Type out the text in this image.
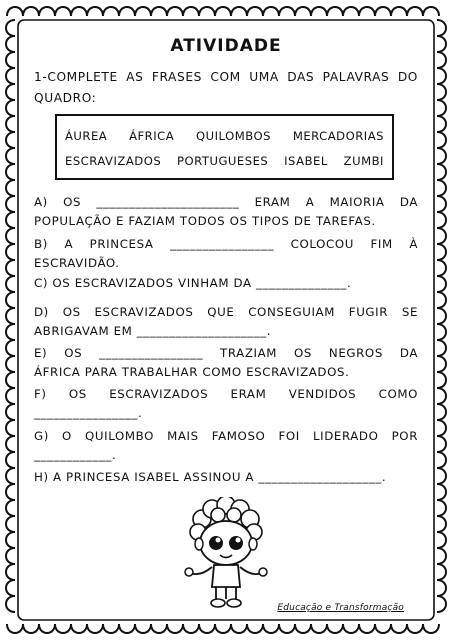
ATIVIDADE
1-COMPLETE AS FRASES COM UMA DAS PALAVRAS DO QUADRO:
ÁUREA ÁFRICA QUILOMBOS MERCADORIAS
ESCRAVIZADOS PORTUGUESES ISABEL ZUMBI
A) OS ______________________ ERAM A MAIORIA DA
POPULAÇÃO E FAZIAM TODOS OS TIPOS DE TAREFAS.
B) A PRINCESA ________________ COLOCOU FIM À
ESCRAVIDÃO.
C) OS ESCRAVIZADOS VINHAM DA ______________.
D) OS ESCRAVIZADOS QUE CONSEGUIAM FUGIR SE
ABRIGAVAM EM ____________________.
E) OS ________________ TRAZIAM OS NEGROS DA
ÁFRICA PARA TRABALHAR COMO ESCRAVIZADOS.
F) OS ESCRAVIZADOS ERAM VENDIDOS COMO
________________.
G) O QUILOMBO MAIS FAMOSO FOI LIDERADO POR
____________.
H) A PRINCESA ISABEL ASSINOU A ___________________.
Educação e Transformação
